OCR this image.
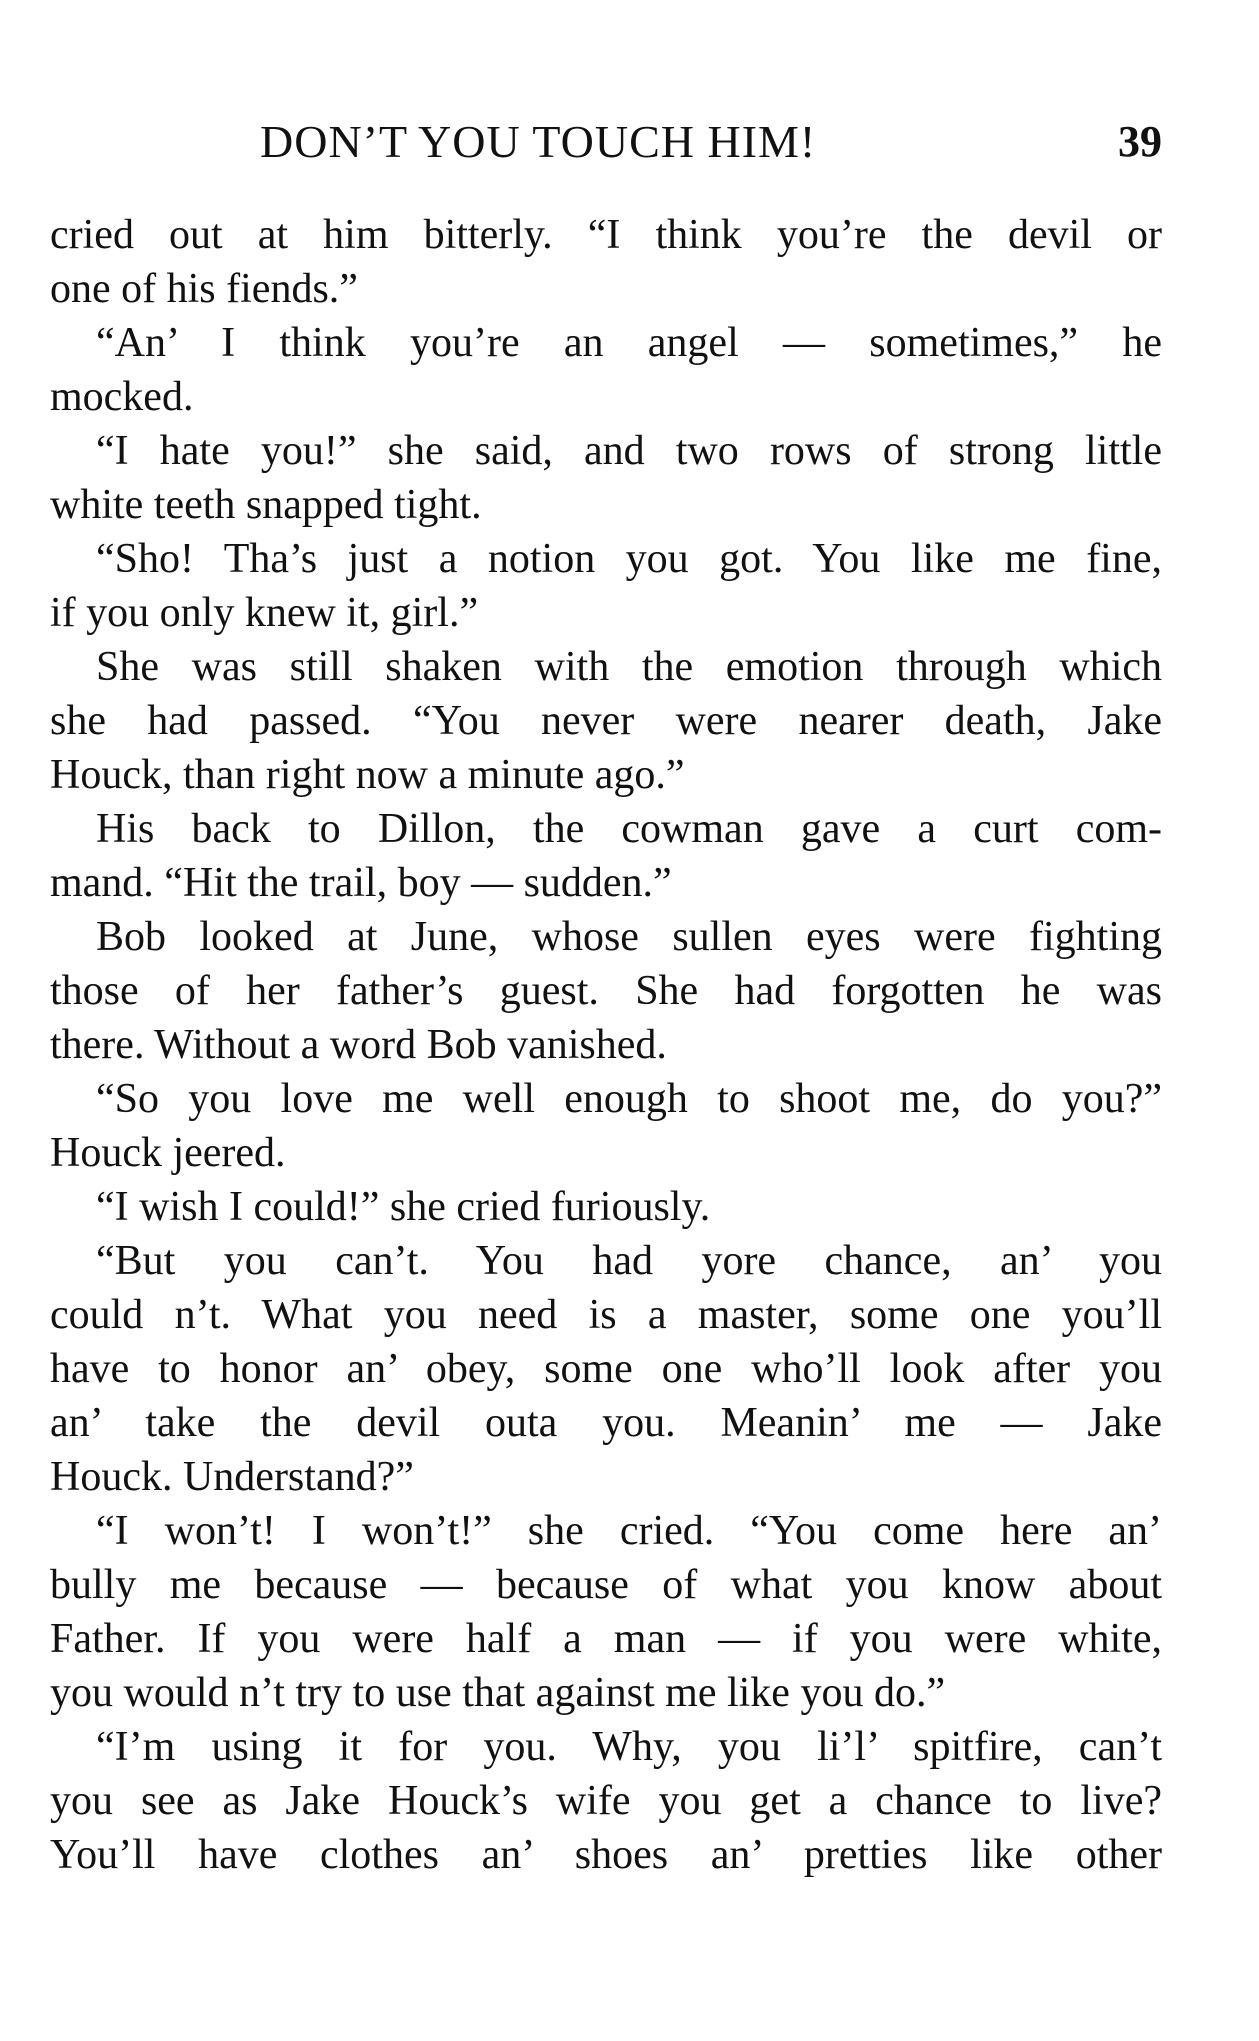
DON’T YOU TOUCH HIM!	39
cried out at him bitterly. “I think you’re the devil or
one of his fiends.”
“An’ I think you’re an angel — sometimes,” he
mocked.
“I hate you!” she said, and two rows of strong little
white teeth snapped tight.
“Sho! Tha’s just a notion you got. You like me fine,
if you only knew it, girl.”
She was still shaken with the emotion through which
she had passed. “You never were nearer death, Jake
Houck, than right now a minute ago.”
His back to Dillon, the cowman gave a curt com-
mand. “Hit the trail, boy — sudden.”
Bob looked at June, whose sullen eyes were fighting
those of her father’s guest. She had forgotten he was
there. Without a word Bob vanished.
“So you love me well enough to shoot me, do you?”
Houck jeered.
“I wish I could!” she cried furiously.
“But you can’t. You had yore chance, an’ you
could n’t. What you need is a master, some one you’ll
have to honor an’ obey, some one who’ll look after you
an’ take the devil outa you. Meanin’ me — Jake
Houck. Understand?”
“I won’t! I won’t!” she cried. “You come here an’
bully me because — because of what you know about
Father. If you were half a man — if you were white,
you would n’t try to use that against me like you do.”
“I’m using it for you. Why, you li’l’ spitfire, can’t
you see as Jake Houck’s wife you get a chance to live?
You’ll have clothes an’ shoes an’ pretties like other
